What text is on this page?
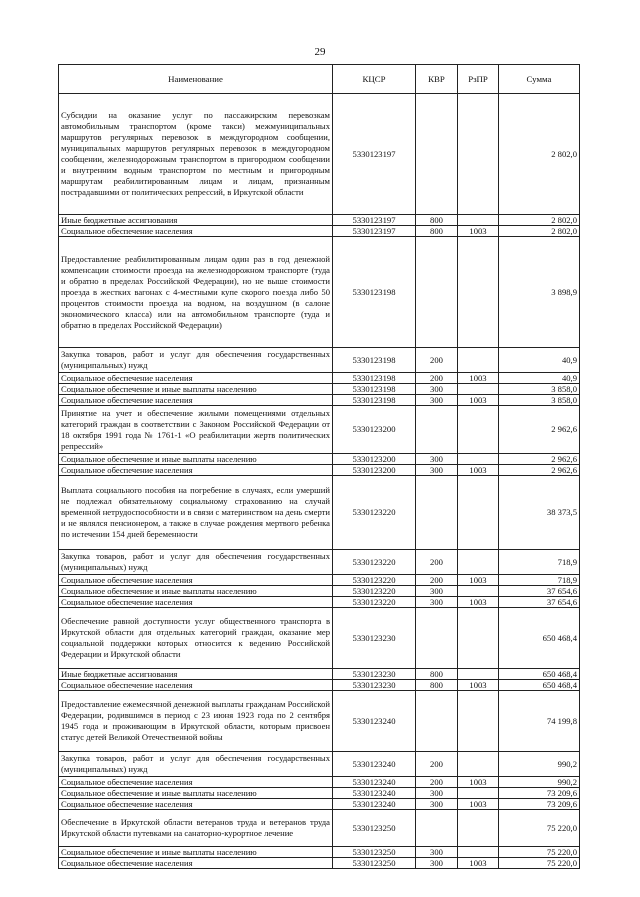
29
Наименование	КЦСР	КВР	РзПР	Сумма
Субсидии на оказание услуг по пассажирским перевозкам автомобильным транспортом (кроме такси) межмуниципальных маршрутов регулярных перевозок в междугородном сообщении, муниципальных маршрутов регулярных перевозок в междугородном сообщении, железнодорожным транспортом в пригородном сообщении и внутренним водным транспортом по местным и пригородным маршрутам реабилитированным лицам и лицам, признанным пострадавшими от политических репрессий, в Иркутской области	5330123197			2 802,0
Иные бюджетные ассигнования	5330123197	800		2 802,0
Социальное обеспечение населения	5330123197	800	1003	2 802,0
Предоставление реабилитированным лицам один раз в год денежной компенсации стоимости проезда на железнодорожном транспорте (туда и обратно в пределах Российской Федерации), но не выше стоимости проезда в жестких вагонах с 4-местными купе скорого поезда либо 50 процентов стоимости проезда на водном, на воздушном (в салоне экономического класса) или на автомобильном транспорте (туда и обратно в пределах Российской Федерации)	5330123198			3 898,9
Закупка товаров, работ и услуг для обеспечения государственных (муниципальных) нужд	5330123198	200		40,9
Социальное обеспечение населения	5330123198	200	1003	40,9
Социальное обеспечение и иные выплаты населению	5330123198	300		3 858,0
Социальное обеспечение населения	5330123198	300	1003	3 858,0
Принятие на учет и обеспечение жилыми помещениями отдельных категорий граждан в соответствии с Законом Российской Федерации от 18 октября 1991 года № 1761-1 «О реабилитации жертв политических репрессий»	5330123200			2 962,6
Социальное обеспечение и иные выплаты населению	5330123200	300		2 962,6
Социальное обеспечение населения	5330123200	300	1003	2 962,6
Выплата социального пособия на погребение в случаях, если умерший не подлежал обязательному социальному страхованию на случай временной нетрудоспособности и в связи с материнством на день смерти и не являлся пенсионером, а также в случае рождения мертвого ребенка по истечении 154 дней беременности	5330123220			38 373,5
Закупка товаров, работ и услуг для обеспечения государственных (муниципальных) нужд	5330123220	200		718,9
Социальное обеспечение населения	5330123220	200	1003	718,9
Социальное обеспечение и иные выплаты населению	5330123220	300		37 654,6
Социальное обеспечение населения	5330123220	300	1003	37 654,6
Обеспечение равной доступности услуг общественного транспорта в Иркутской области для отдельных категорий граждан, оказание мер социальной поддержки которых относится к ведению Российской Федерации и Иркутской области	5330123230			650 468,4
Иные бюджетные ассигнования	5330123230	800		650 468,4
Социальное обеспечение населения	5330123230	800	1003	650 468,4
Предоставление ежемесячной денежной выплаты гражданам Российской Федерации, родившимся в период с 23 июня 1923 года по 2 сентября 1945 года и проживающим в Иркутской области, которым присвоен статус детей Великой Отечественной войны	5330123240			74 199,8
Закупка товаров, работ и услуг для обеспечения государственных (муниципальных) нужд	5330123240	200		990,2
Социальное обеспечение населения	5330123240	200	1003	990,2
Социальное обеспечение и иные выплаты населению	5330123240	300		73 209,6
Социальное обеспечение населения	5330123240	300	1003	73 209,6
Обеспечение в Иркутской области ветеранов труда и ветеранов труда Иркутской области путевками на санаторно-курортное лечение	5330123250			75 220,0
Социальное обеспечение и иные выплаты населению	5330123250	300		75 220,0
Социальное обеспечение населения	5330123250	300	1003	75 220,0
